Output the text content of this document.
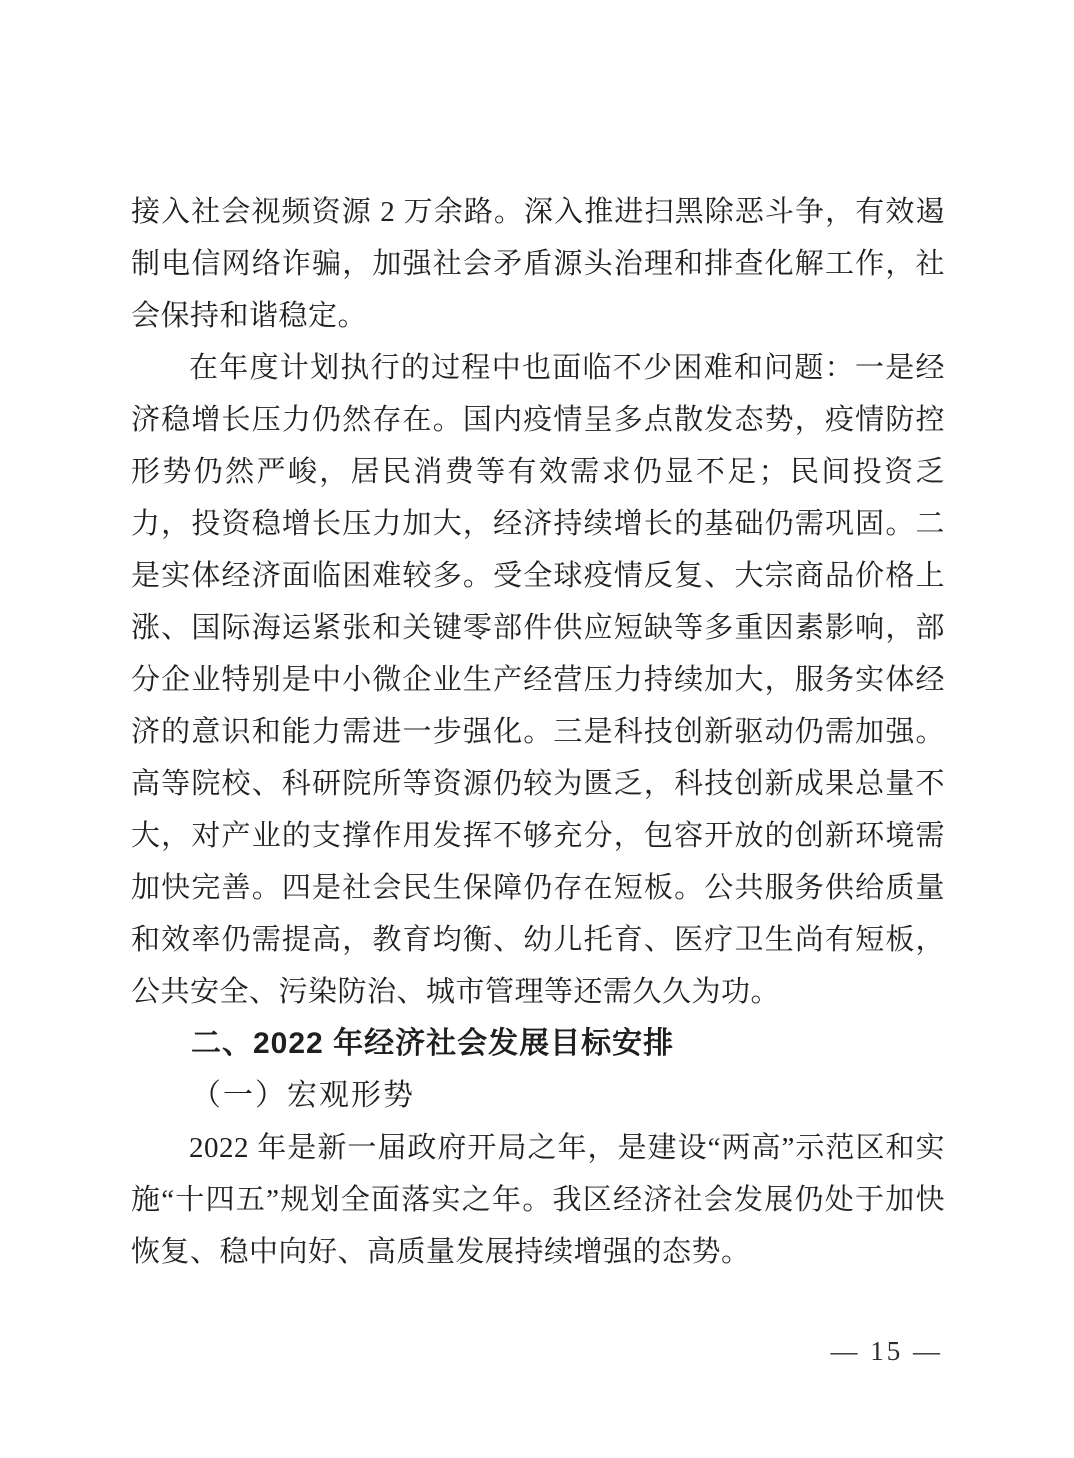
接入社会视频资源 2 万余路。深入推进扫黑除恶斗争，有效遏制电信网络诈骗，加强社会矛盾源头治理和排查化解工作，社会保持和谐稳定。

在年度计划执行的过程中也面临不少困难和问题：一是经济稳增长压力仍然存在。国内疫情呈多点散发态势，疫情防控形势仍然严峻，居民消费等有效需求仍显不足；民间投资乏力，投资稳增长压力加大，经济持续增长的基础仍需巩固。二是实体经济面临困难较多。受全球疫情反复、大宗商品价格上涨、国际海运紧张和关键零部件供应短缺等多重因素影响，部分企业特别是中小微企业生产经营压力持续加大，服务实体经济的意识和能力需进一步强化。三是科技创新驱动仍需加强。高等院校、科研院所等资源仍较为匮乏，科技创新成果总量不大，对产业的支撑作用发挥不够充分，包容开放的创新环境需加快完善。四是社会民生保障仍存在短板。公共服务供给质量和效率仍需提高，教育均衡、幼儿托育、医疗卫生尚有短板，公共安全、污染防治、城市管理等还需久久为功。

二、2022 年经济社会发展目标安排

（一）宏观形势

2022 年是新一届政府开局之年，是建设“两高”示范区和实施“十四五”规划全面落实之年。我区经济社会发展仍处于加快恢复、稳中向好、高质量发展持续增强的态势。

— 15 —
